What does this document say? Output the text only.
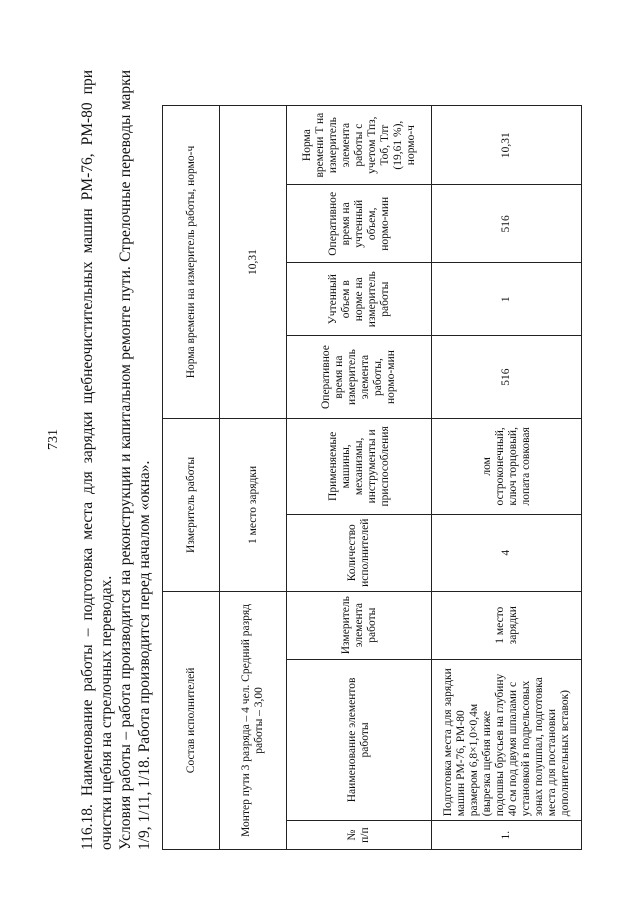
731 116.18. Наименование работы – подготовка места для зарядки щебнеочистительных машин РМ-76, РМ-80 при очистки щебня на стрелочных переводах. Условия работы – работа производится на реконструкции и капитальном ремонте пути. Стрелочные переводы марки 1/9, 1/11, 1/18. Работа производится перед началом «окна».	Состав исполнителей			Измеритель работы		Норма времени на измеритель работы, нормо-ч			
Монтер пути 3 разряда – 4 чел. Средний разряд работы – 3,00			1 место зарядки		10,31			
№ п/п	Наименование элементов работы	Измеритель элемента работы	Количество исполнителей	Применяемые машины, механизмы, инструменты и приспособления	Оперативное время на измеритель элемента работы, нормо-мин	Учтенный объем в норме на измеритель работы	Оперативное время на учтенный объем, нормо-мин	Норма времени T на измеритель элемента работы с учетом Тпз, Тоб, Тлт (19,61 %), нормо-ч
1.	Подготовка места для зарядки машин РМ-76, РМ-80 размером 6,8×1,0×0,4м (вырезка щебня ниже подошвы брусьев на глубину 40 см под двумя шпалами с установкой в подрельсовых зонах полушпал, подготовка места для постановки дополнительных вставок)	1 место зарядки	4	лом остроконечный, ключ торцовый, лопата совковая	516	1	516	10,31
